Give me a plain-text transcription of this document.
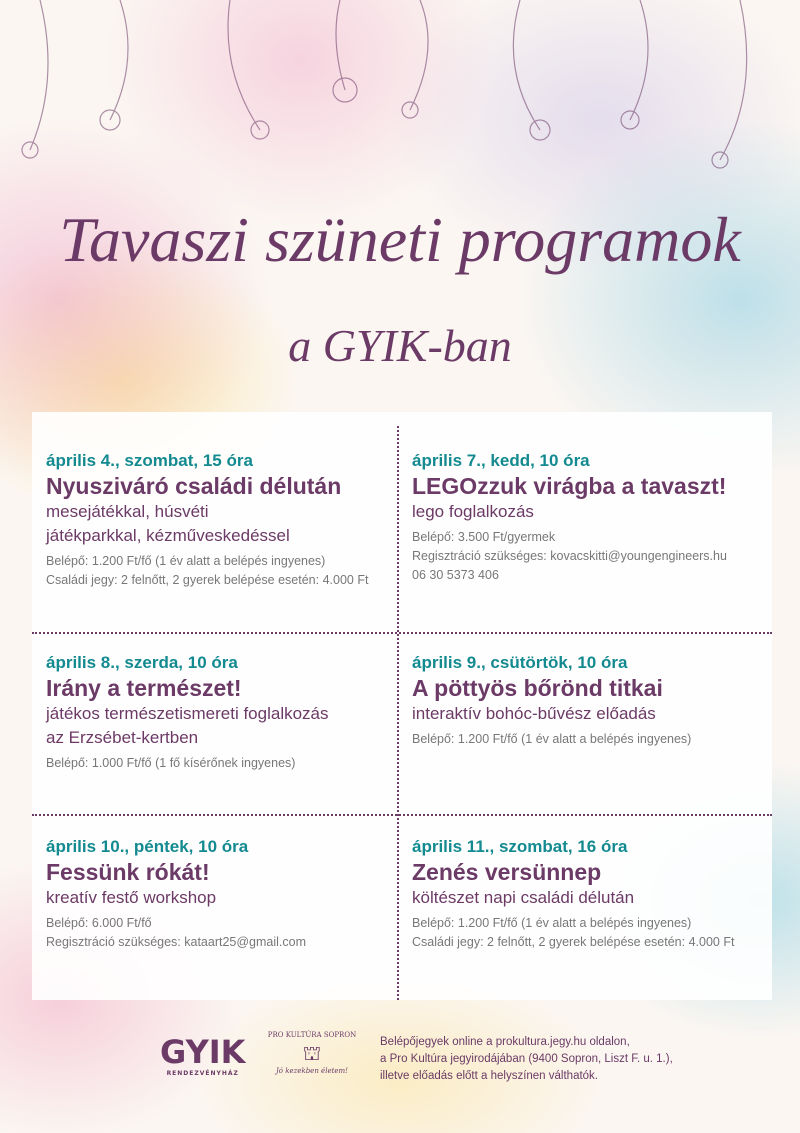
Tavaszi szüneti programok
a GYIK-ban
április 4., szombat, 15 óra
Nyusziváró családi délután
mesejátékkal, húsvéti
játékparkkal, kézműveskedéssel
Belépő: 1.200 Ft/fő (1 év alatt a belépés ingyenes)
Családi jegy: 2 felnőtt, 2 gyerek belépése esetén: 4.000 Ft
április 7., kedd, 10 óra
LEGOzzuk virágba a tavaszt!
lego foglalkozás
Belépő: 3.500 Ft/gyermek
Regisztráció szükséges: kovacskitti@youngengineers.hu
06 30 5373 406
április 8., szerda, 10 óra
Irány a természet!
játékos természetismereti foglalkozás
az Erzsébet-kertben
Belépő: 1.000 Ft/fő (1 fő kísérőnek ingyenes)
április 9., csütörtök, 10 óra
A pöttyös bőrönd titkai
interaktív bohóc-bűvész előadás
Belépő: 1.200 Ft/fő (1 év alatt a belépés ingyenes)
április 10., péntek, 10 óra
Fessünk rókát!
kreatív festő workshop
Belépő: 6.000 Ft/fő
Regisztráció szükséges: kataart25@gmail.com
április 11., szombat, 16 óra
Zenés versünnep
költészet napi családi délután
Belépő: 1.200 Ft/fő (1 év alatt a belépés ingyenes)
Családi jegy: 2 felnőtt, 2 gyerek belépése esetén: 4.000 Ft
GYIK
RENDEZVÉNYHÁZ
PRO KULTÚRA SOPRON
⛫
Jó kezekben életem!
Belépőjegyek online a prokultura.jegy.hu oldalon,
a Pro Kultúra jegyirodájában (9400 Sopron, Liszt F. u. 1.),
illetve előadás előtt a helyszínen válthatók.
